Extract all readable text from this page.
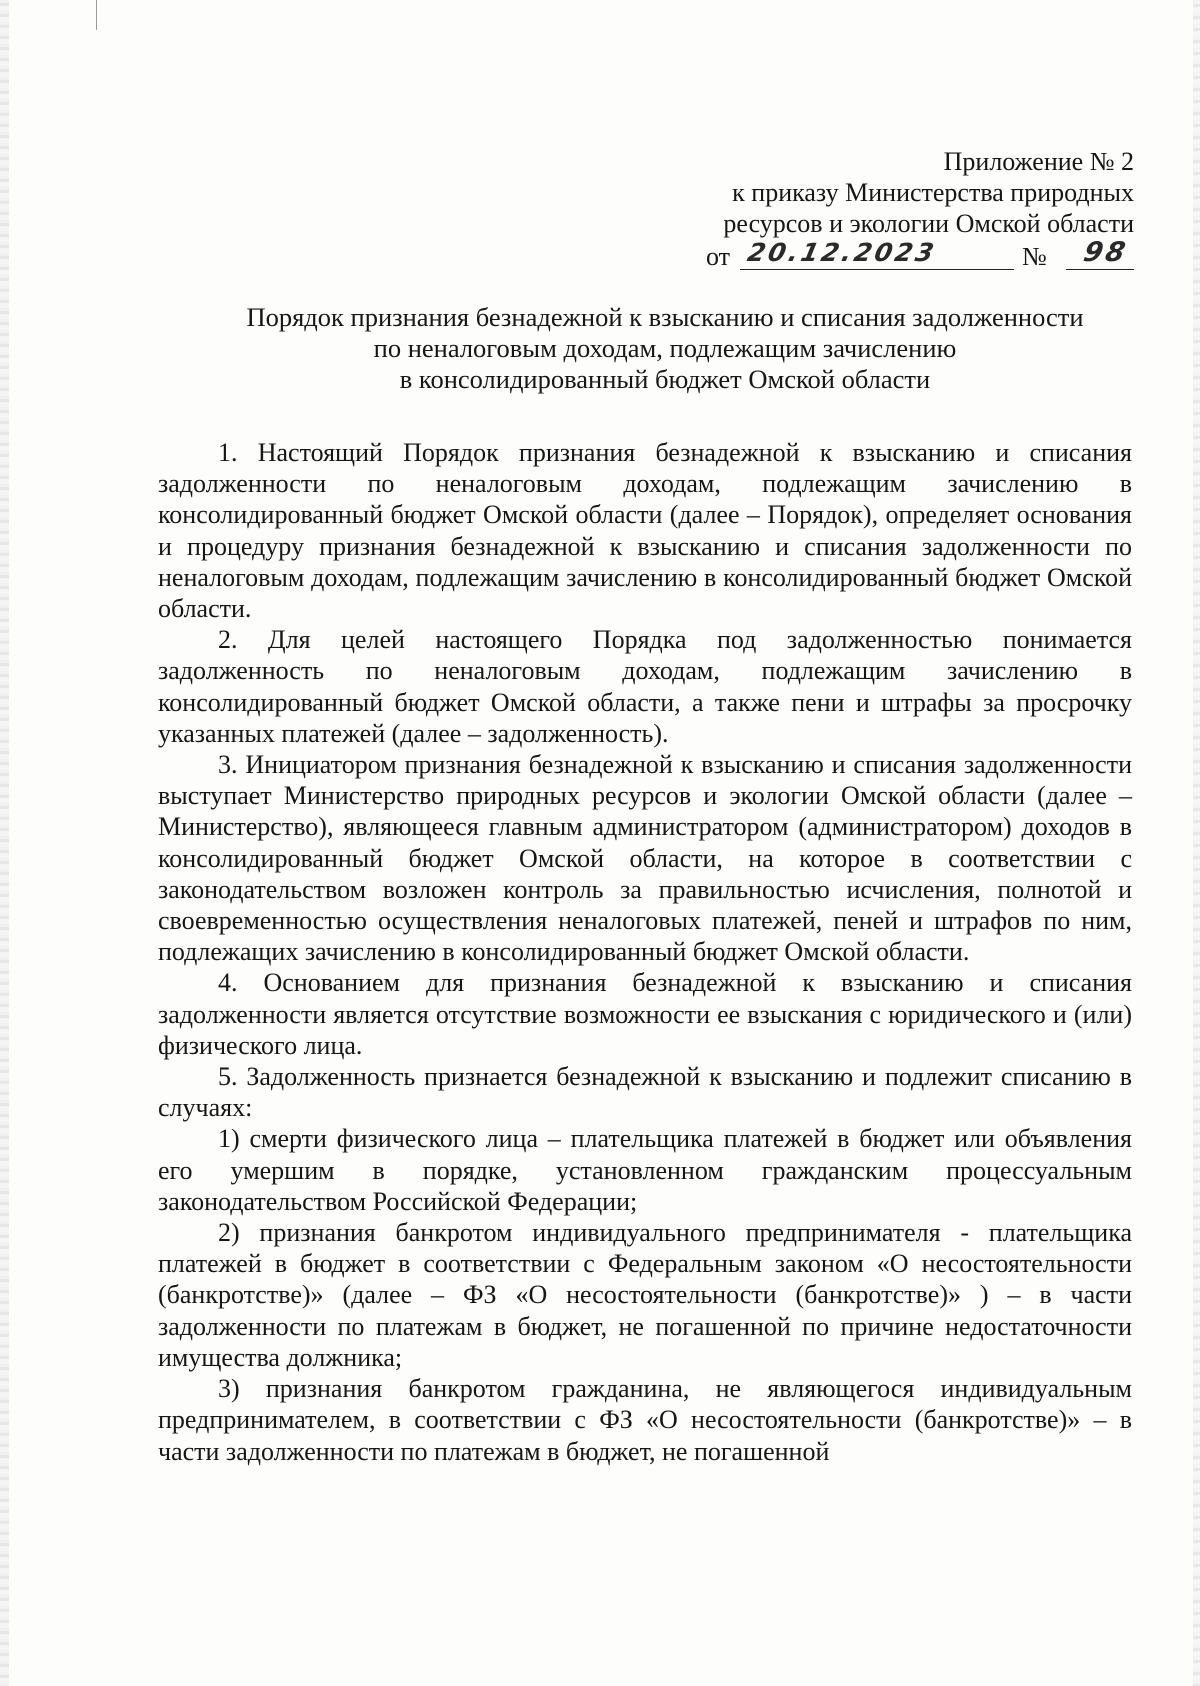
Приложение № 2
к приказу Министерства природных
ресурсов и экологии Омской области
от 20.12.2023	№ 98
Порядок признания безнадежной к взысканию и списания задолженности
по неналоговым доходам, подлежащим зачислению
в консолидированный бюджет Омской области

1. Настоящий Порядок признания безнадежной к взысканию и списания задолженности по неналоговым доходам, подлежащим зачислению в консолидированный бюджет Омской области (далее – Порядок), определяет основания и процедуру признания безнадежной к взысканию и списания задолженности по неналоговым доходам, подлежащим зачислению в консолидированный бюджет Омской области.

2. Для целей настоящего Порядка под задолженностью понимается задолженность по неналоговым доходам, подлежащим зачислению в консолидированный бюджет Омской области, а также пени и штрафы за просрочку указанных платежей (далее – задолженность).

3. Инициатором признания безнадежной к взысканию и списания задолженности выступает Министерство природных ресурсов и экологии Омской области (далее – Министерство), являющееся главным администратором (администратором) доходов в консолидированный бюджет Омской области, на которое в соответствии с законодательством возложен контроль за правильностью исчисления, полнотой и своевременностью осуществления неналоговых платежей, пеней и штрафов по ним, подлежащих зачислению в консолидированный бюджет Омской области.

4. Основанием для признания безнадежной к взысканию и списания задолженности является отсутствие возможности ее взыскания с юридического и (или) физического лица.

5. Задолженность признается безнадежной к взысканию и подлежит списанию в случаях:

1) смерти физического лица – плательщика платежей в бюджет или объявления его умершим в порядке, установленном гражданским процессуальным законодательством Российской Федерации;

2) признания банкротом индивидуального предпринимателя - плательщика платежей в бюджет в соответствии с Федеральным законом «О несостоятельности (банкротстве)» (далее – ФЗ «О несостоятельности (банкротстве)» ) – в части задолженности по платежам в бюджет, не погашенной по причине недостаточности имущества должника;

3) признания банкротом гражданина, не являющегося индивидуальным предпринимателем, в соответствии с ФЗ «О несостоятельности (банкротстве)» – в части задолженности по платежам в бюджет, не погашенной
